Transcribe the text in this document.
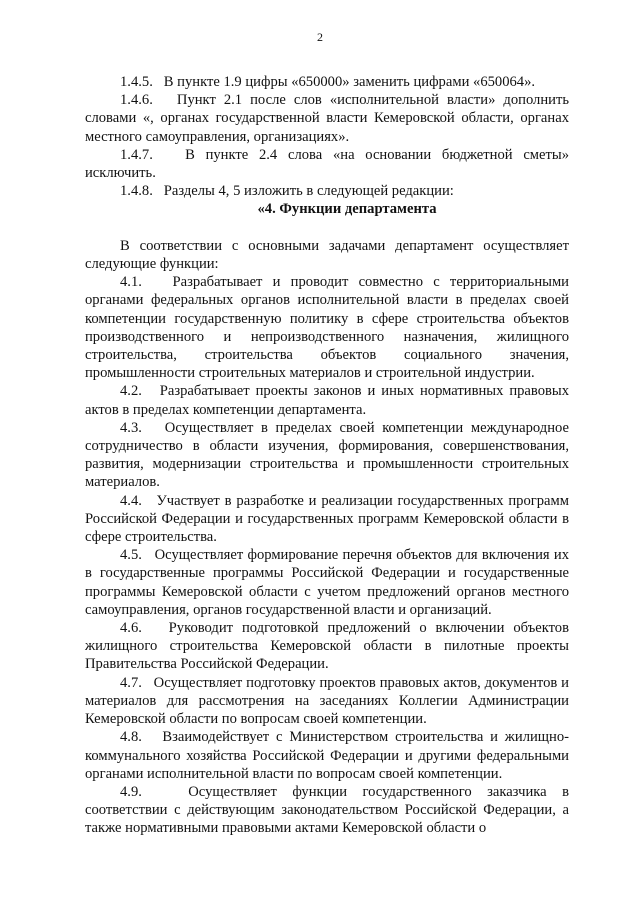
2

1.4.5.   В пункте 1.9 цифры «650000» заменить цифрами «650064».

1.4.6.   Пункт 2.1 после слов «исполнительной власти» дополнить словами «, органах государственной власти Кемеровской области, органах местного самоуправления, организациях».

1.4.7.   В пункте 2.4 слова «на основании бюджетной сметы» исключить.

1.4.8.   Разделы 4, 5 изложить в следующей редакции:

«4. Функции департамента

В соответствии с основными задачами департамент осуществляет следующие функции:

4.1.   Разрабатывает и проводит совместно с территориальными органами федеральных органов исполнительной власти в пределах своей компетенции государственную политику в сфере строительства объектов производственного и непроизводственного назначения, жилищного строительства, строительства объектов социального значения, промышленности строительных материалов и строительной индустрии.

4.2.   Разрабатывает проекты законов и иных нормативных правовых актов в пределах компетенции департамента.

4.3.   Осуществляет в пределах своей компетенции международное сотрудничество в области изучения, формирования, совершенствования, развития, модернизации строительства и промышленности строительных материалов.

4.4.   Участвует в разработке и реализации государственных программ Российской Федерации и государственных программ Кемеровской области в сфере строительства.

4.5.   Осуществляет формирование перечня объектов для включения их в государственные программы Российской Федерации и государственные программы Кемеровской области с учетом предложений органов местного самоуправления, органов государственной власти и организаций.

4.6.   Руководит подготовкой предложений о включении объектов жилищного строительства Кемеровской области в пилотные проекты Правительства Российской Федерации.

4.7.   Осуществляет подготовку проектов правовых актов, документов и материалов для рассмотрения на заседаниях Коллегии Администрации Кемеровской области по вопросам своей компетенции.

4.8.   Взаимодействует с Министерством строительства и жилищно-коммунального хозяйства Российской Федерации и другими федеральными органами исполнительной власти по вопросам своей компетенции.

4.9.   Осуществляет функции государственного заказчика в соответствии с действующим законодательством Российской Федерации, а также нормативными правовыми актами Кемеровской области о
